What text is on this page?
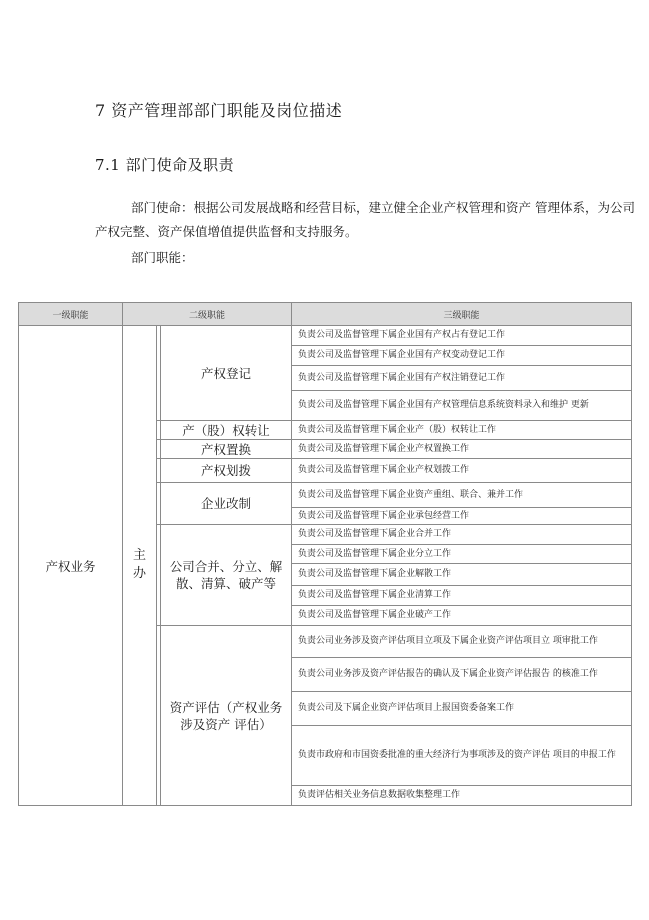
7 资产管理部部门职能及岗位描述
7.1 部门使命及职责
部门使命：根据公司发展战略和经营目标，建立健全企业产权管理和资产 管理体系，为公司产权完整、资产保值增值提供监督和支持服务。
部门职能：
一级职能	二级职能			三级职能
产权业务	主办		产权登记	负责公司及监督管理下属企业国有产权占有登记工作
				负责公司及监督管理下属企业国有产权变动登记工作
				负责公司及监督管理下属企业国有产权注销登记工作
				负责公司及监督管理下属企业国有产权管理信息系统资料录入和维护 更新
			产（股）权转让	负责公司及监督管理下属企业产（股）权转让工作
			产权置换	负责公司及监督管理下属企业产权置换工作
			产权划拨	负责公司及监督管理下属企业产权划拨工作
			企业改制	负责公司及监督管理下属企业资产重组、联合、兼并工作
				负责公司及监督管理下属企业承包经营工作
			公司合并、分立、解散、清算、破产等	负责公司及监督管理下属企业合并工作
				负责公司及监督管理下属企业分立工作
				负责公司及监督管理下属企业解散工作
				负责公司及监督管理下属企业清算工作
				负责公司及监督管理下属企业破产工作
			资产评估（产权业务涉及资产 评估）	负责公司业务涉及资产评估项目立项及下属企业资产评估项目立 项审批工作
				负责公司业务涉及资产评估报告的确认及下属企业资产评估报告 的核准工作
				负责公司及下属企业资产评估项目上报国资委备案工作
				负责市政府和市国资委批准的重大经济行为事项涉及的资产评估 项目的申报工作
				负责评估相关业务信息数据收集整理工作
